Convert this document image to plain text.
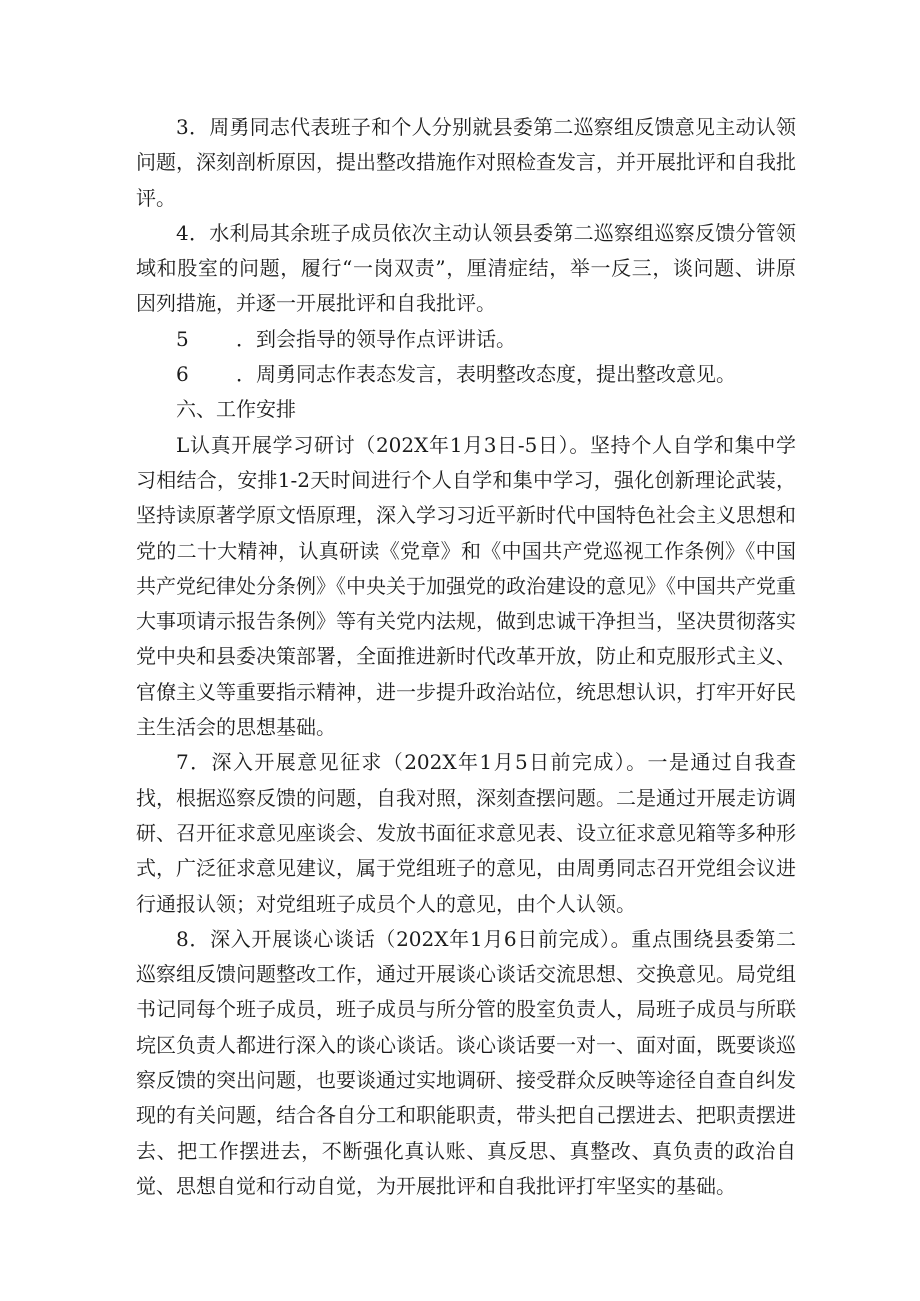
3．周勇同志代表班子和个人分别就县委第二巡察组反馈意见主动认领问题，深刻剖析原因，提出整改措施作对照检查发言，并开展批评和自我批评。

4．水利局其余班子成员依次主动认领县委第二巡察组巡察反馈分管领域和股室的问题，履行“一岗双责”，厘清症结，举一反三，谈问题、讲原因列措施，并逐一开展批评和自我批评。

5 ．到会指导的领导作点评讲话。

6 ．周勇同志作表态发言，表明整改态度，提出整改意见。

六、工作安排

L认真开展学习研讨（202X年1月3日-5日）。坚持个人自学和集中学习相结合，安排1-2天时间进行个人自学和集中学习，强化创新理论武装，坚持读原著学原文悟原理，深入学习习近平新时代中国特色社会主义思想和党的二十大精神，认真研读《党章》和《中国共产党巡视工作条例》《中国共产党纪律处分条例》《中央关于加强党的政治建设的意见》《中国共产党重大事项请示报告条例》等有关党内法规，做到忠诚干净担当，坚决贯彻落实党中央和县委决策部署，全面推进新时代改革开放，防止和克服形式主义、官僚主义等重要指示精神，进一步提升政治站位，统思想认识，打牢开好民主生活会的思想基础。

7．深入开展意见征求（202X年1月5日前完成）。一是通过自我查找，根据巡察反馈的问题，自我对照，深刻查摆问题。二是通过开展走访调研、召开征求意见座谈会、发放书面征求意见表、设立征求意见箱等多种形式，广泛征求意见建议，属于党组班子的意见，由周勇同志召开党组会议进行通报认领；对党组班子成员个人的意见，由个人认领。

8．深入开展谈心谈话（202X年1月6日前完成）。重点围绕县委第二巡察组反馈问题整改工作，通过开展谈心谈话交流思想、交换意见。局党组书记同每个班子成员，班子成员与所分管的股室负责人，局班子成员与所联垸区负责人都进行深入的谈心谈话。谈心谈话要一对一、面对面，既要谈巡察反馈的突出问题，也要谈通过实地调研、接受群众反映等途径自查自纠发现的有关问题，结合各自分工和职能职责，带头把自己摆进去、把职责摆进去、把工作摆进去，不断强化真认账、真反思、真整改、真负责的政治自觉、思想自觉和行动自觉，为开展批评和自我批评打牢坚实的基础。
